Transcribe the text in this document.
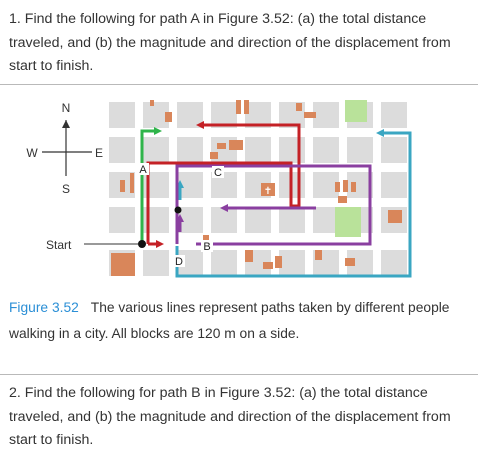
1. Find the following for path A in Figure 3.52: (a) the total distance traveled, and (b) the magnitude and direction of the displacement from start to finish.

✝
Start
A	C
B
D
N
S
E
W

Figure 3.52 The various lines represent paths taken by different people walking in a city. All blocks are 120 m on a side.

2. Find the following for path B in Figure 3.52: (a) the total distance traveled, and (b) the magnitude and direction of the displacement from start to finish.
